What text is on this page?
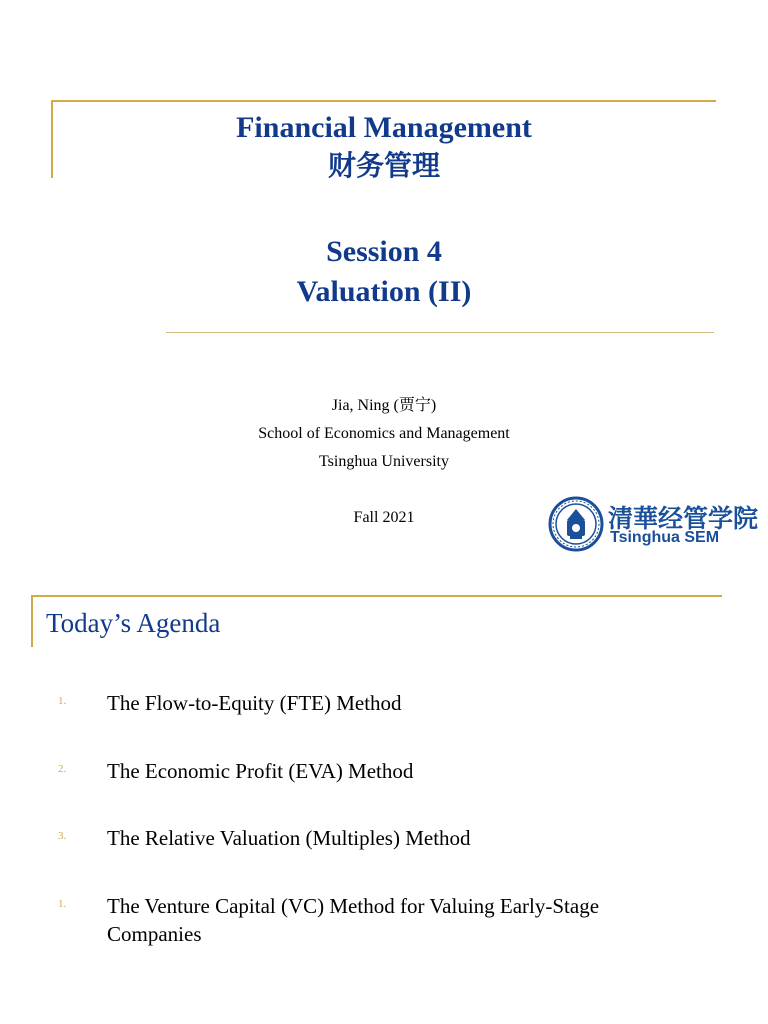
Financial Management
财务管理
Session 4
Valuation (II)
Jia, Ning (贾宁)
School of Economics and Management
Tsinghua University
Fall 2021	清華经管学院
Tsinghua SEM
Today’s Agenda
1. The Flow-to-Equity (FTE) Method
2. The Economic Profit (EVA) Method
3. The Relative Valuation (Multiples) Method
1. The Venture Capital (VC) Method for Valuing Early-Stage Companies
